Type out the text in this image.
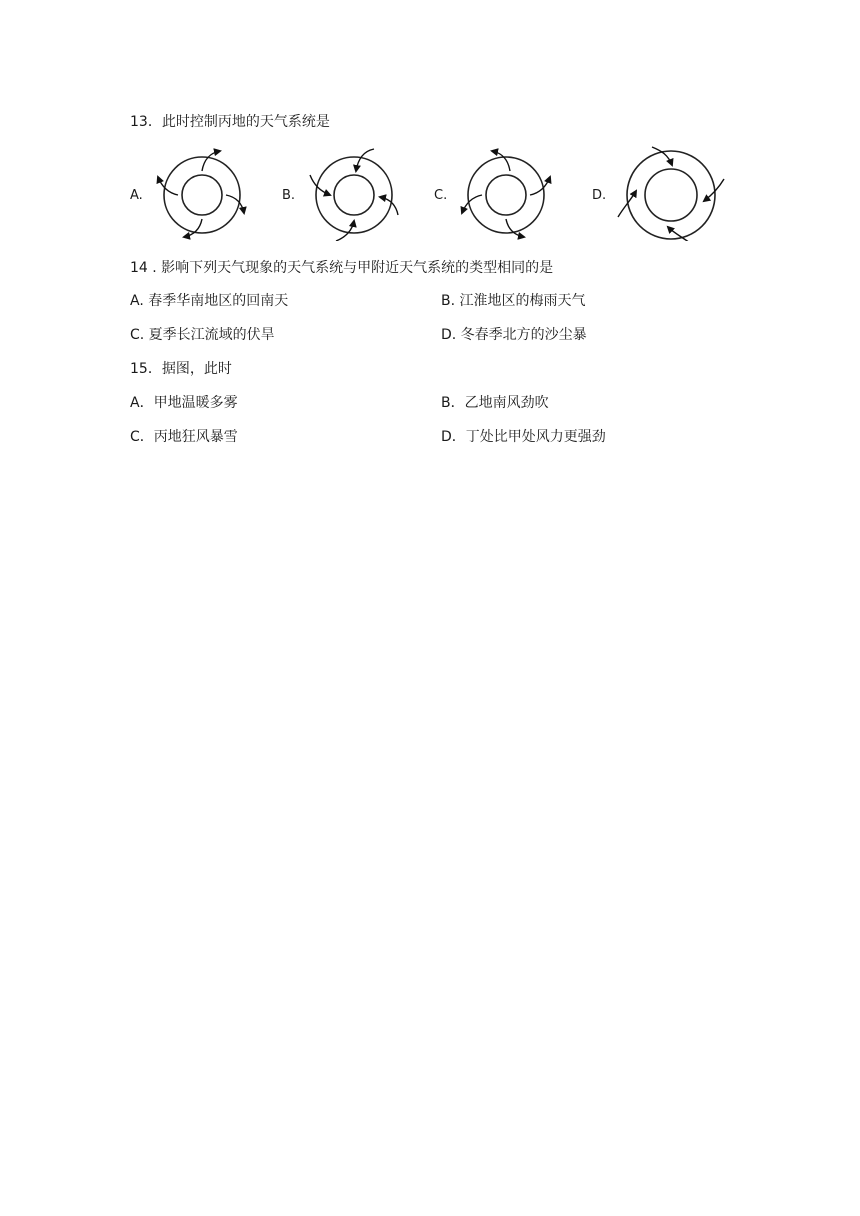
13．此时控制丙地的天气系统是
A.	B.	C.	D.
14 . 影响下列天气现象的天气系统与甲附近天气系统的类型相同的是
A. 春季华南地区的回南天	B. 江淮地区的梅雨天气
C. 夏季长江流域的伏旱	D. 冬春季北方的沙尘暴
15．据图，此时
A．甲地温暖多雾	B．乙地南风劲吹
C．丙地狂风暴雪	D．丁处比甲处风力更强劲
